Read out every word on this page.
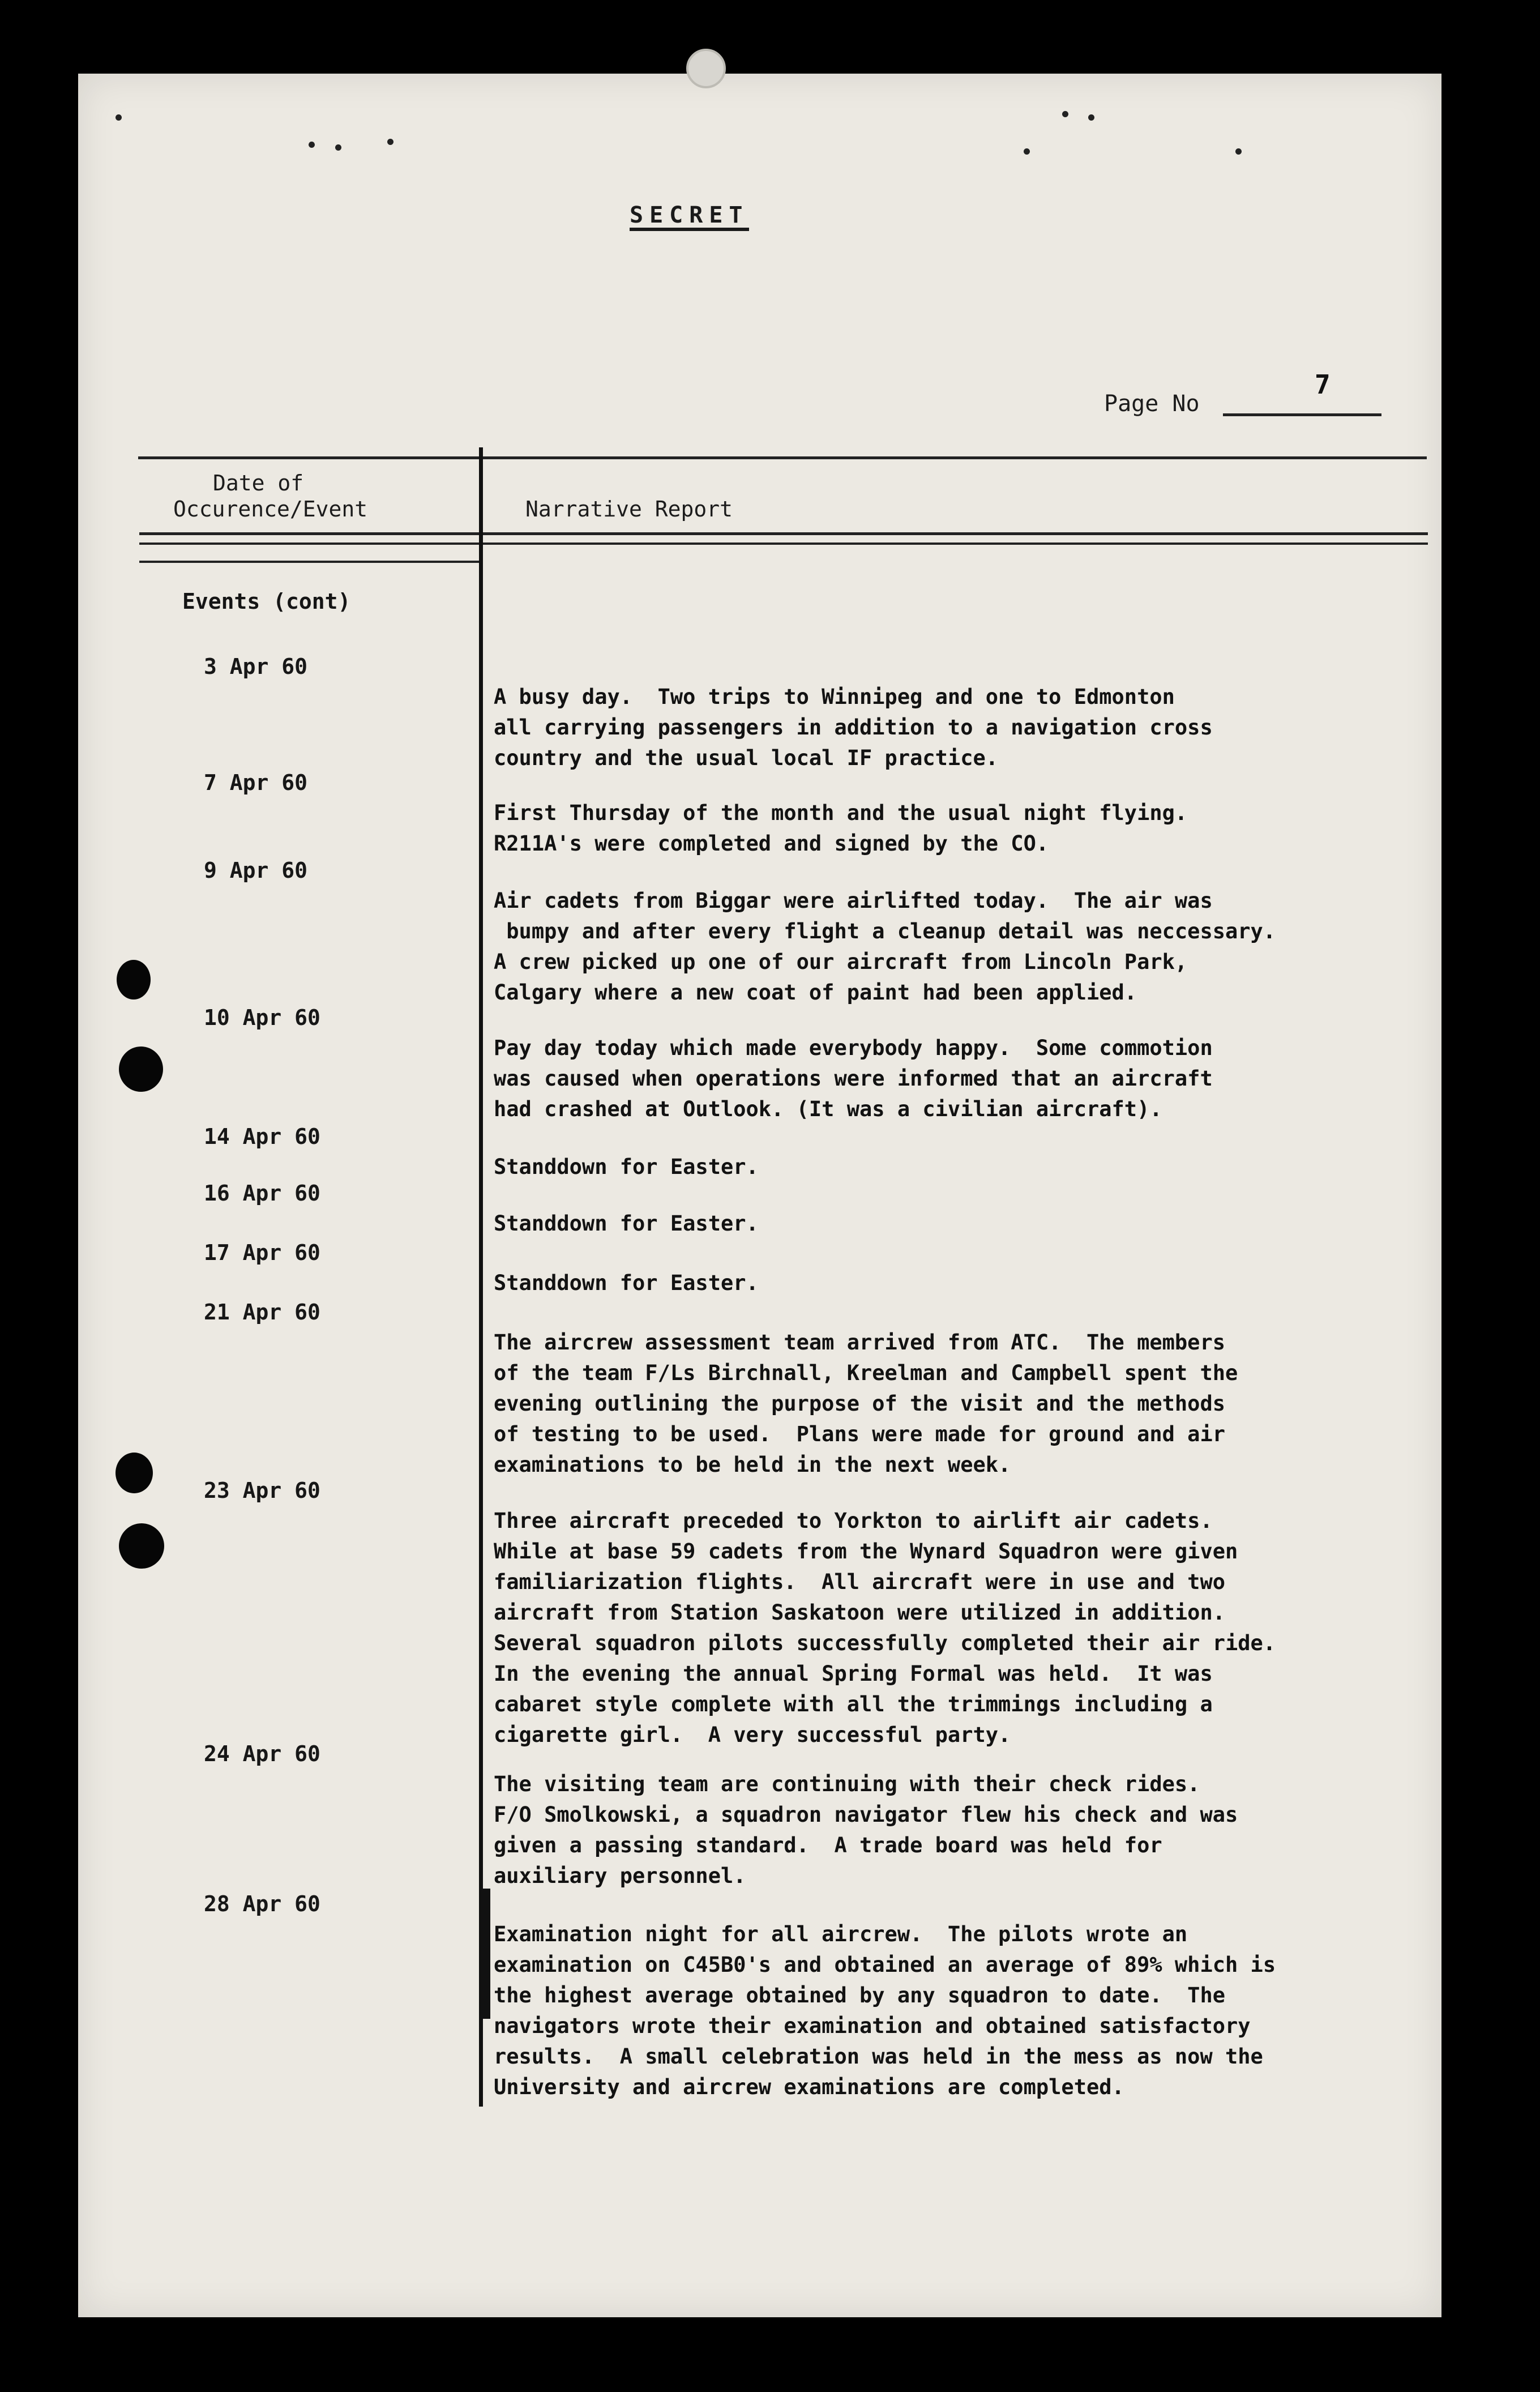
SECRET
Page No
7
Date of
Occurence/Event	Narrative Report
Events (cont)
3 Apr 60

A busy day.  Two trips to Winnipeg and one to Edmonton
all carrying passengers in addition to a navigation cross
country and the usual local IF practice.
7 Apr 60

First Thursday of the month and the usual night flying.
R211A's were completed and signed by the CO.
9 Apr 60

Air cadets from Biggar were airlifted today.  The air was
bumpy and after every flight a cleanup detail was neccessary.
A crew picked up one of our aircraft from Lincoln Park,
Calgary where a new coat of paint had been applied.
10 Apr 60

Pay day today which made everybody happy.  Some commotion
was caused when operations were informed that an aircraft
had crashed at Outlook. (It was a civilian aircraft).
14 Apr 60

Standdown for Easter.
16 Apr 60

Standdown for Easter.
17 Apr 60

Standdown for Easter.
21 Apr 60

The aircrew assessment team arrived from ATC.  The members
of the team F/Ls Birchnall, Kreelman and Campbell spent the
evening outlining the purpose of the visit and the methods
of testing to be used.  Plans were made for ground and air
examinations to be held in the next week.
23 Apr 60

Three aircraft preceded to Yorkton to airlift air cadets.
While at base 59 cadets from the Wynard Squadron were given
familiarization flights.  All aircraft were in use and two
aircraft from Station Saskatoon were utilized in addition.
Several squadron pilots successfully completed their air ride.
In the evening the annual Spring Formal was held.  It was
cabaret style complete with all the trimmings including a
cigarette girl.  A very successful party.
24 Apr 60

The visiting team are continuing with their check rides.
F/O Smolkowski, a squadron navigator flew his check and was
given a passing standard.  A trade board was held for
auxiliary personnel.
28 Apr 60

Examination night for all aircrew.  The pilots wrote an
examination on C45B0's and obtained an average of 89% which is
the highest average obtained by any squadron to date.  The
navigators wrote their examination and obtained satisfactory
results.  A small celebration was held in the mess as now the
University and aircrew examinations are completed.
